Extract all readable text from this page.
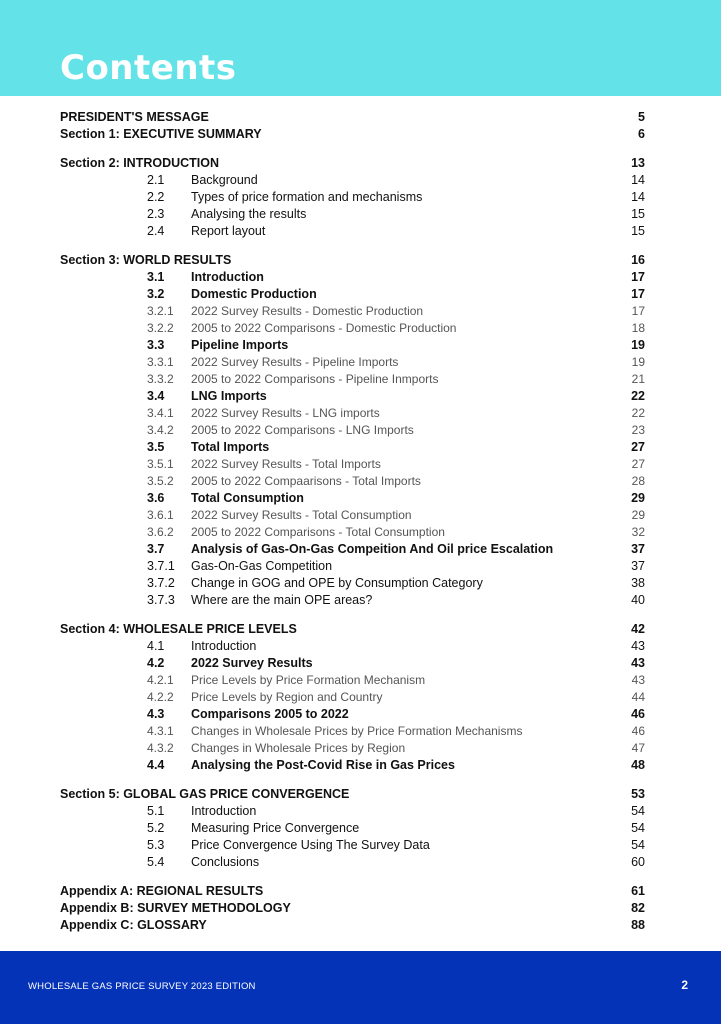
Contents
PRESIDENT'S MESSAGE	5
Section 1: EXECUTIVE SUMMARY	6
Section 2: INTRODUCTION	13
2.1 Background	14
2.2 Types of price formation and mechanisms	14
2.3 Analysing the results	15
2.4 Report layout	15
Section 3: WORLD RESULTS	16
3.1 Introduction	17
3.2 Domestic Production	17
3.2.1 2022 Survey Results - Domestic Production	17
3.2.2 2005 to 2022 Comparisons - Domestic Production	18
3.3 Pipeline Imports	19
3.3.1 2022 Survey Results - Pipeline Imports	19
3.3.2 2005 to 2022 Comparisons - Pipeline Inmports	21
3.4 LNG Imports	22
3.4.1 2022 Survey Results - LNG imports	22
3.4.2 2005 to 2022 Comparisons - LNG Imports	23
3.5 Total Imports	27
3.5.1 2022 Survey Results - Total Imports	27
3.5.2 2005 to 2022 Compaarisons - Total Imports	28
3.6 Total Consumption	29
3.6.1 2022 Survey Results - Total Consumption	29
3.6.2 2005 to 2022 Comparisons - Total Consumption	32
3.7 Analysis of Gas-On-Gas Compeition And Oil price Escalation	37
3.7.1 Gas-On-Gas Competition	37
3.7.2 Change in GOG and OPE by Consumption Category	38
3.7.3 Where are the main OPE areas?	40
Section 4: WHOLESALE PRICE LEVELS	42
4.1 Introduction	43
4.2 2022 Survey Results	43
4.2.1 Price Levels by Price Formation Mechanism	43
4.2.2 Price Levels by Region and Country	44
4.3 Comparisons 2005 to 2022	46
4.3.1 Changes in Wholesale Prices by Price Formation Mechanisms	46
4.3.2 Changes in Wholesale Prices by Region	47
4.4 Analysing the Post-Covid Rise in Gas Prices	48
Section 5: GLOBAL GAS PRICE CONVERGENCE	53
5.1 Introduction	54
5.2 Measuring Price Convergence	54
5.3 Price Convergence Using The Survey Data	54
5.4 Conclusions	60
Appendix A: REGIONAL RESULTS	61
Appendix B: SURVEY METHODOLOGY	82
Appendix C: GLOSSARY	88
WHOLESALE GAS PRICE SURVEY 2023 EDITION	2
